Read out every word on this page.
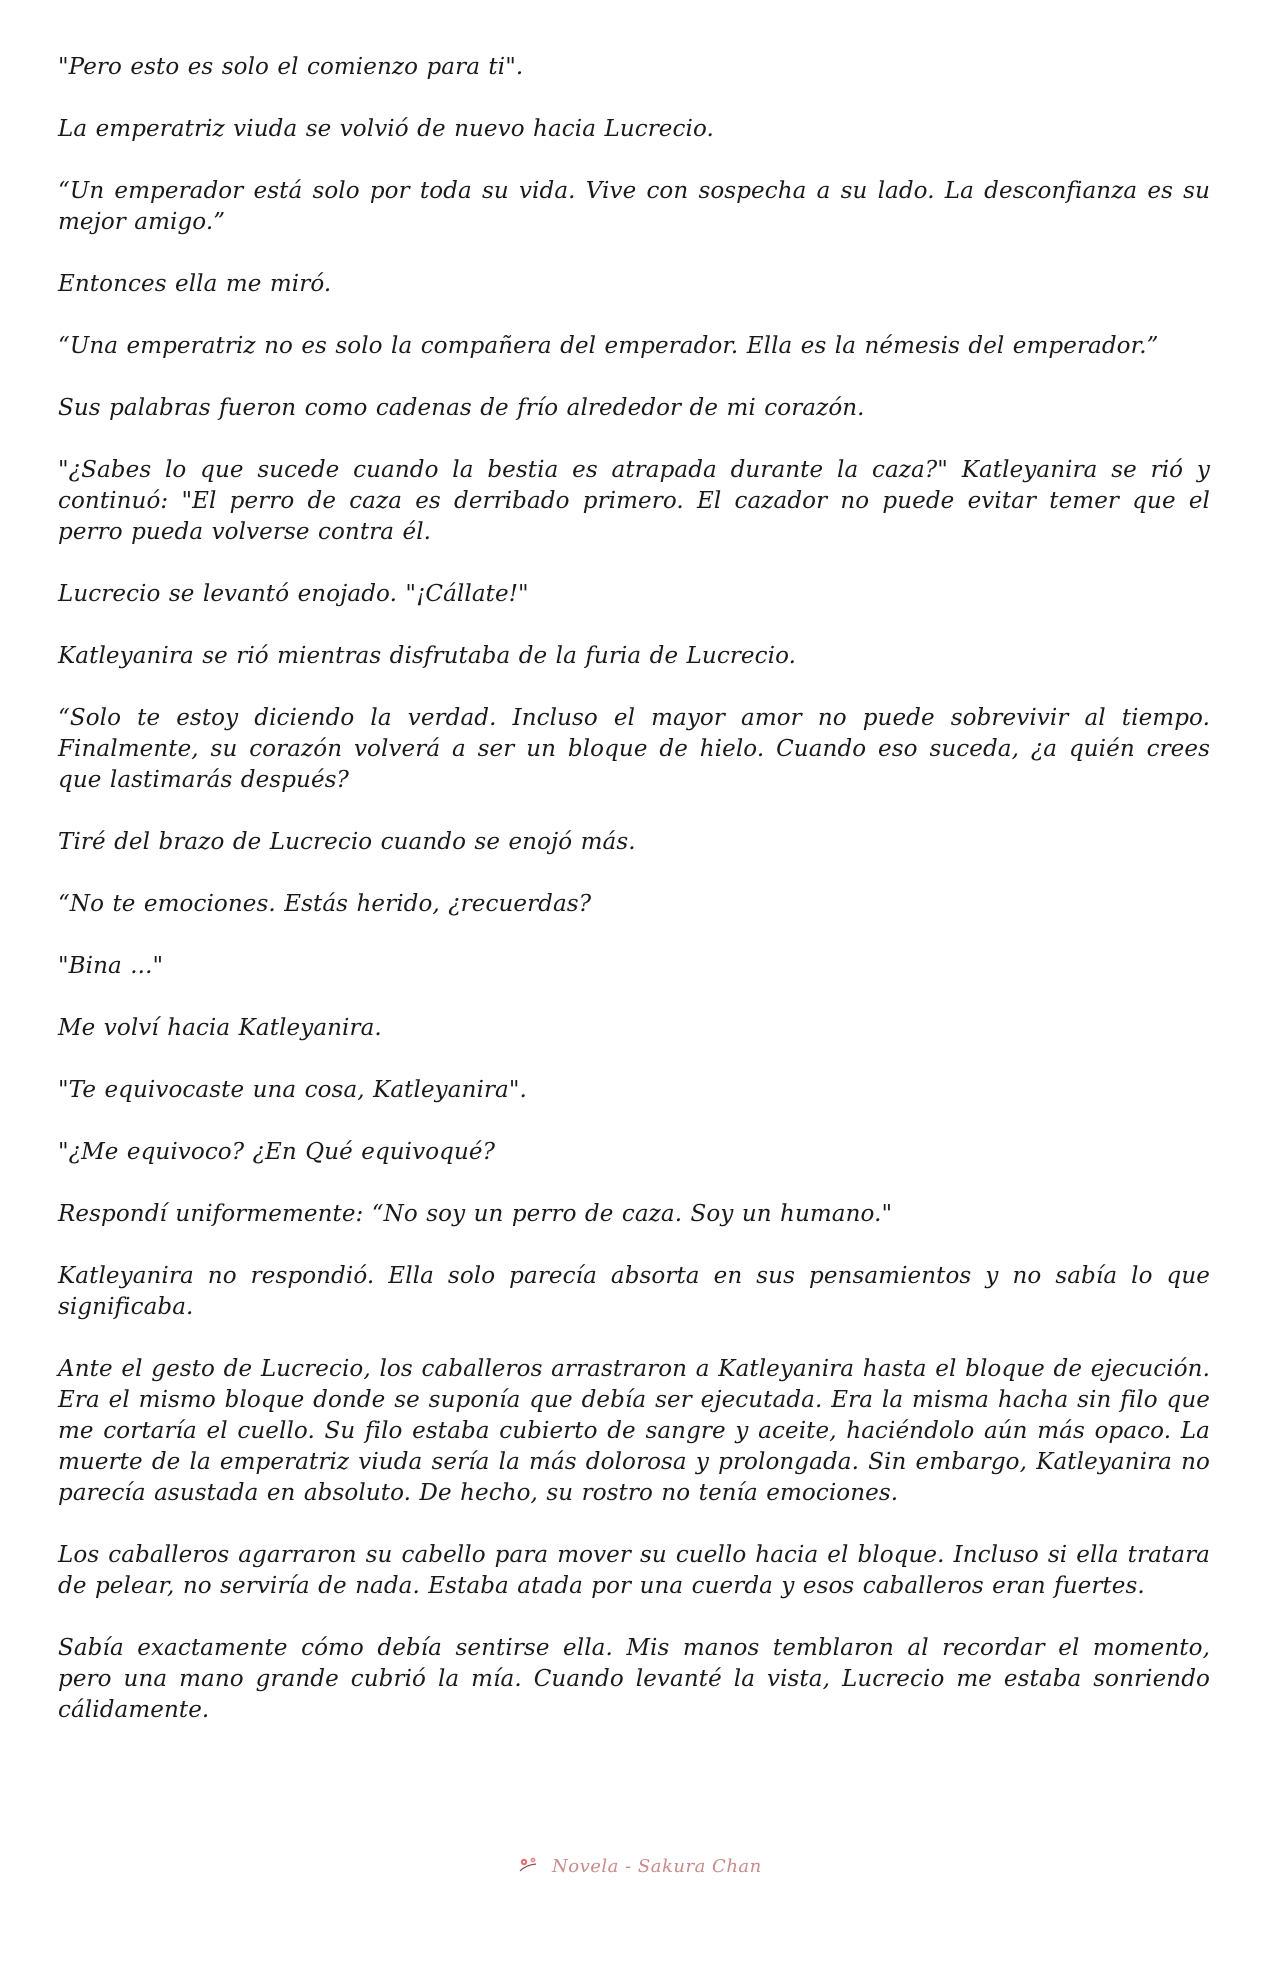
"Pero esto es solo el comienzo para ti".

La emperatriz viuda se volvió de nuevo hacia Lucrecio.

“Un emperador está solo por toda su vida. Vive con sospecha a su lado. La desconfianza es su mejor amigo.”

Entonces ella me miró.

“Una emperatriz no es solo la compañera del emperador. Ella es la némesis del emperador.”

Sus palabras fueron como cadenas de frío alrededor de mi corazón.

"¿Sabes lo que sucede cuando la bestia es atrapada durante la caza?" Katleyanira se rió y continuó: "El perro de caza es derribado primero. El cazador no puede evitar temer que el perro pueda volverse contra él.

Lucrecio se levantó enojado. "¡Cállate!"

Katleyanira se rió mientras disfrutaba de la furia de Lucrecio.

“Solo te estoy diciendo la verdad. Incluso el mayor amor no puede sobrevivir al tiempo. Finalmente, su corazón volverá a ser un bloque de hielo. Cuando eso suceda, ¿a quién crees que lastimarás después?

Tiré del brazo de Lucrecio cuando se enojó más.

“No te emociones. Estás herido, ¿recuerdas?

"Bina ..."

Me volví hacia Katleyanira.

"Te equivocaste una cosa, Katleyanira".

"¿Me equivoco? ¿En Qué equivoqué?

Respondí uniformemente: “No soy un perro de caza. Soy un humano."

Katleyanira no respondió. Ella solo parecía absorta en sus pensamientos y no sabía lo que significaba.

Ante el gesto de Lucrecio, los caballeros arrastraron a Katleyanira hasta el bloque de ejecución. Era el mismo bloque donde se suponía que debía ser ejecutada. Era la misma hacha sin filo que me cortaría el cuello. Su filo estaba cubierto de sangre y aceite, haciéndolo aún más opaco. La muerte de la emperatriz viuda sería la más dolorosa y prolongada. Sin embargo, Katleyanira no parecía asustada en absoluto. De hecho, su rostro no tenía emociones.

Los caballeros agarraron su cabello para mover su cuello hacia el bloque. Incluso si ella tratara de pelear, no serviría de nada. Estaba atada por una cuerda y esos caballeros eran fuertes.

Sabía exactamente cómo debía sentirse ella. Mis manos temblaron al recordar el momento, pero una mano grande cubrió la mía. Cuando levanté la vista, Lucrecio me estaba sonriendo cálidamente.

Novela - Sakura Chan
